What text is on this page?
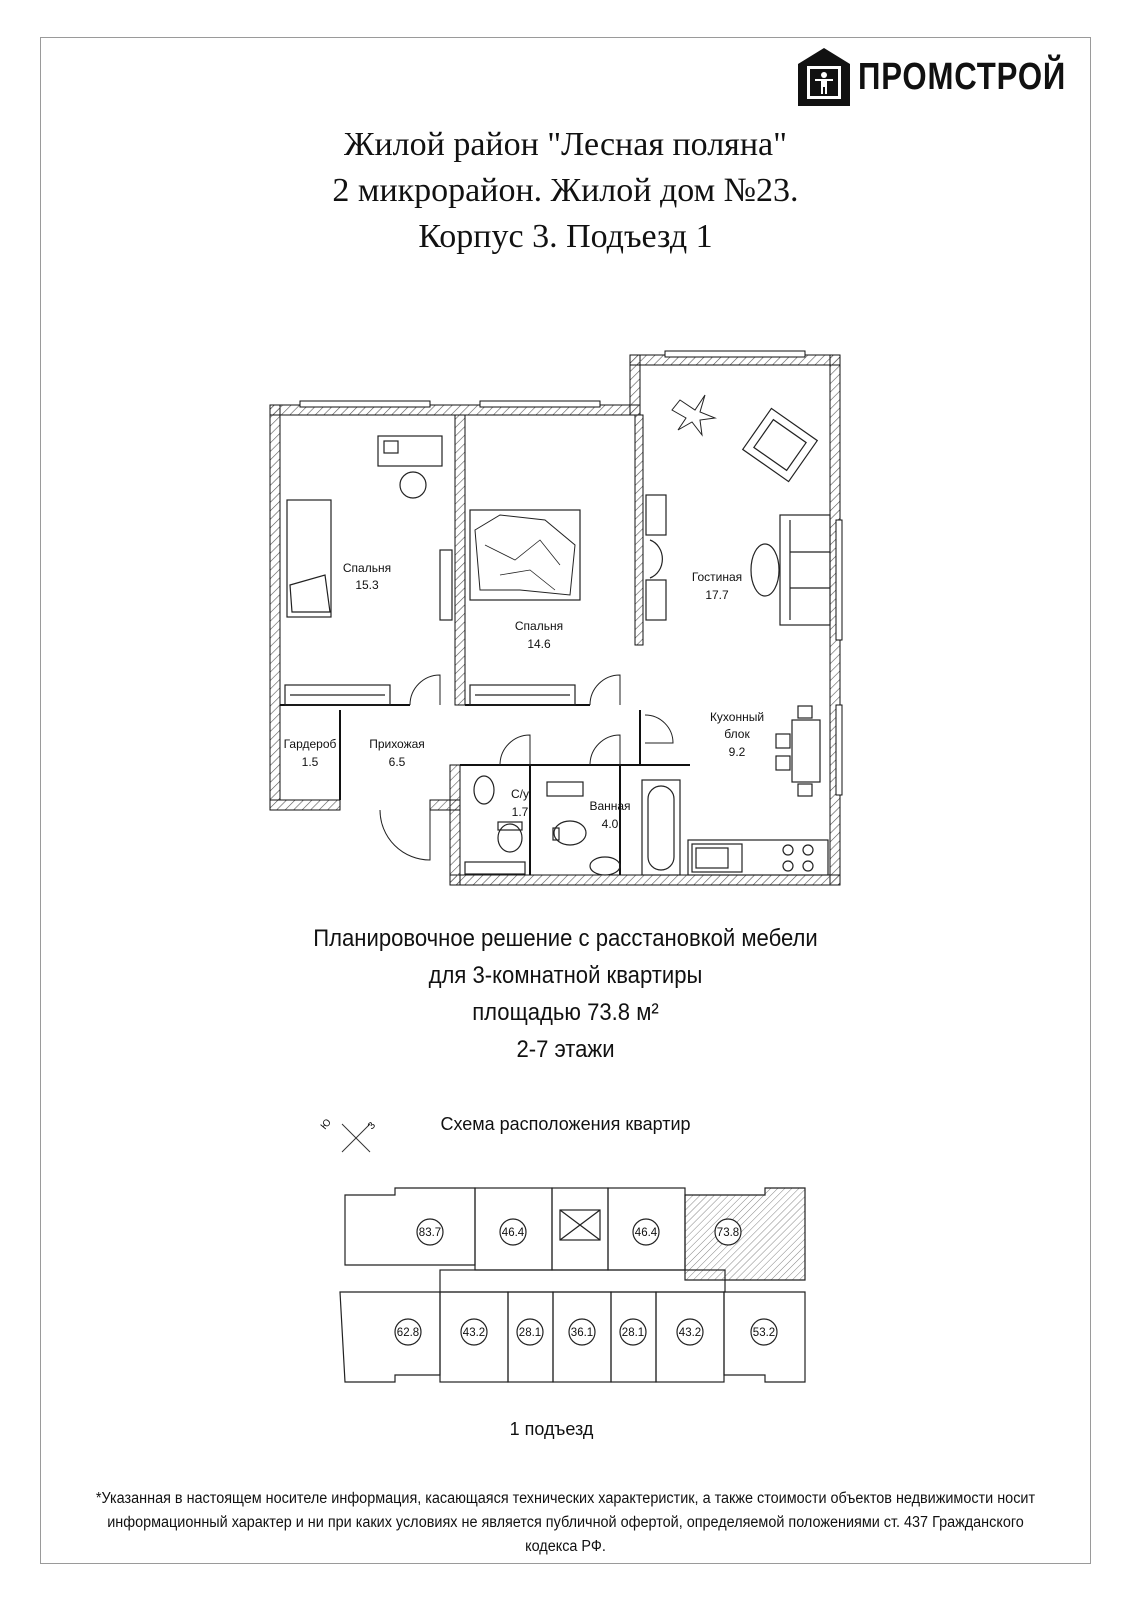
ПРОМСТРОЙ
Жилой район "Лесная поляна"
2 микрорайон. Жилой дом №23.
Корпус 3. Подъезд 1
Спальня
15.3
Спальня
14.6
Гостиная
17.7
Кухонный
блок
9.2
Гардероб
1.5
Прихожая
6.5
С/у
1.7	Ванная
4.0
Ю	З
83.7	46.4	46.4	73.8
62.8	43.2	28.1	36.1 28.1	43.2	53.2
Планировочное решение с расстановкой мебели
для 3-комнатной квартиры
площадью 73.8 м²
2-7 этажи
Схема расположения квартир
1 подъезд
*Указанная в настоящем носителе информация, касающаяся технических характеристик, а также стоимости объектов недвижимости носит
информационный характер и ни при каких условиях не является публичной офертой, определяемой положениями ст. 437 Гражданского кодекса РФ.
